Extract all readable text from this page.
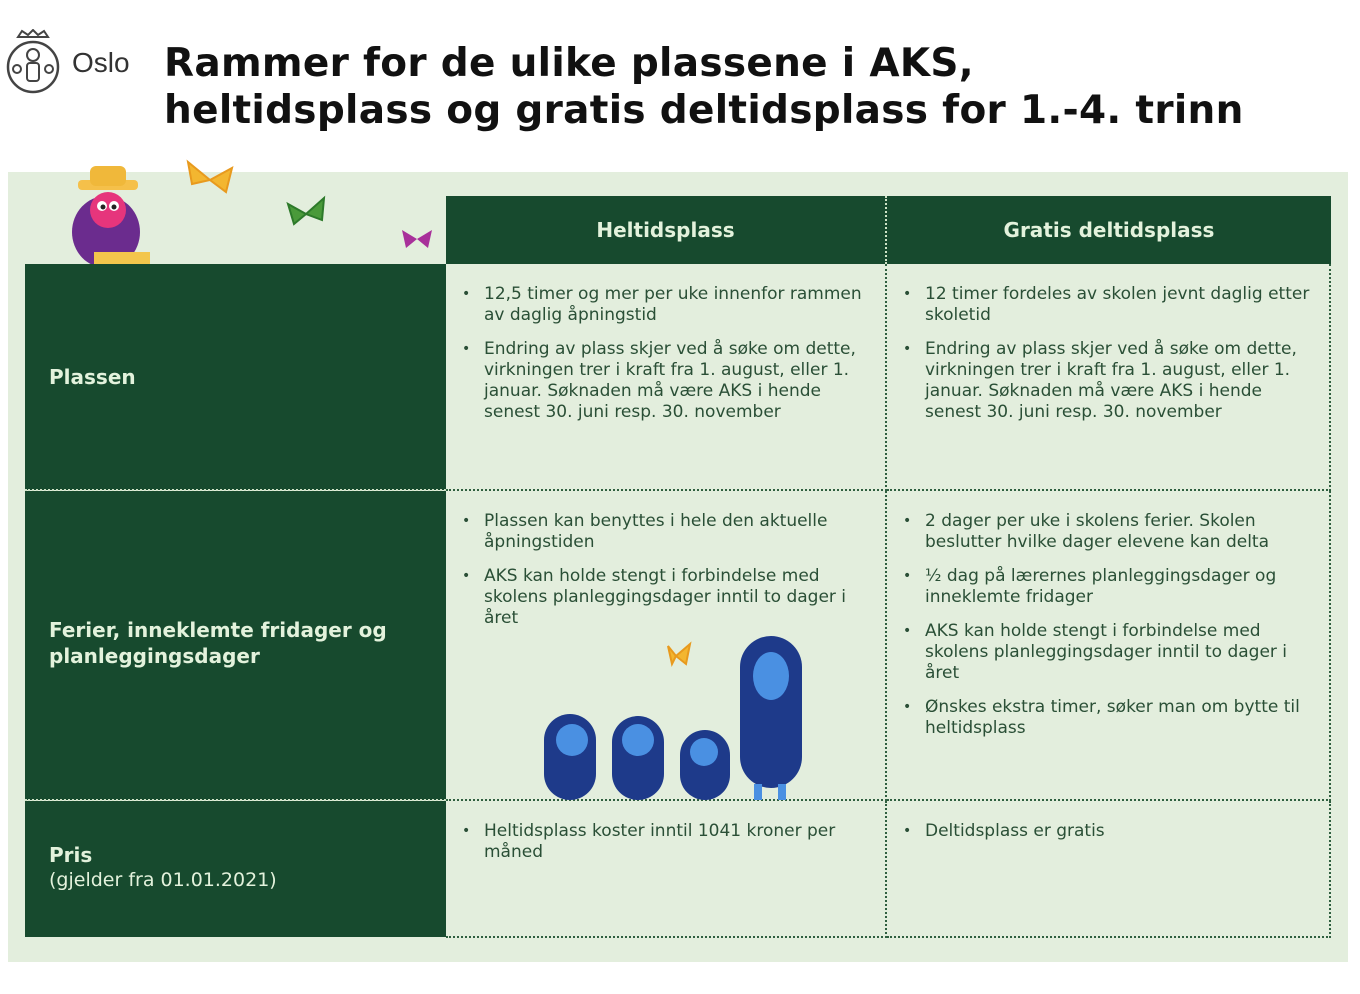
Oslo Rammer for de ulike plassene i AKS,
heltidsplass og gratis deltidsplass for 1.-4. trinn
Heltidsplass	Gratis deltidsplass
Plassen
Ferier, inneklemte fridager og planleggingsdager
Pris
(gjelder fra 01.01.2021)
• 12,5 timer og mer per uke innenfor rammen av daglig åpningstid
• Endring av plass skjer ved å søke om dette, virkningen trer i kraft fra 1. august, eller 1. januar. Søknaden må være AKS i hende senest 30. juni resp. 30. november
• 12 timer fordeles av skolen jevnt daglig etter skoletid
• Endring av plass skjer ved å søke om dette, virkningen trer i kraft fra 1. august, eller 1. januar. Søknaden må være AKS i hende senest 30. juni resp. 30. november
• Plassen kan benyttes i hele den aktuelle åpningstiden
• AKS kan holde stengt i forbindelse med skolens planleggingsdager inntil to dager i året
• 2 dager per uke i skolens ferier. Skolen beslutter hvilke dager elevene kan delta
• ½ dag på lærernes planleggingsdager og inneklemte fridager
• AKS kan holde stengt i forbindelse med skolens planleggingsdager inntil to dager i året
• Ønskes ekstra timer, søker man om bytte til heltidsplass
• Heltidsplass koster inntil 1041 kroner per måned
• Deltidsplass er gratis
